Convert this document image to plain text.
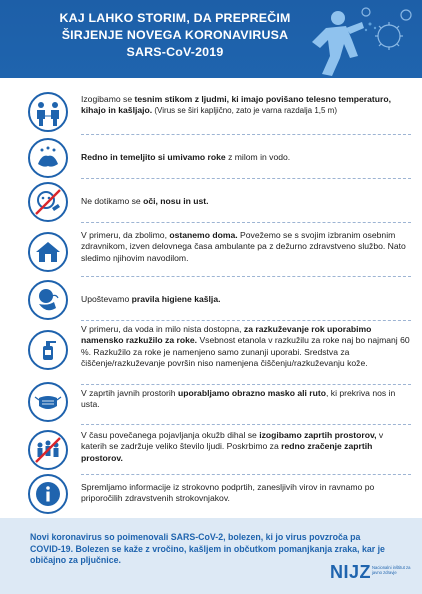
KAJ LAHKO STORIM, DA PREPREČIM
ŠIRJENJE NOVEGA KORONAVIRUSA
SARS-CoV-2019
Izogibamo se tesnim stikom z ljudmi, ki imajo povišano telesno temperaturo, kihajo in kašljajo. (Virus se širi kapljično, zato je varna razdalja 1,5 m)
Redno in temeljito si umivamo roke z milom in vodo.
Ne dotikamo se oči, nosu in ust.
V primeru, da zbolimo, ostanemo doma. Povežemo se s svojim izbranim osebnim zdravnikom, izven delovnega časa ambulante pa z dežurno zdravstveno službo. Nato sledimo njihovim navodilom.
Upoštevamo pravila higiene kašlja.
V primeru, da voda in milo nista dostopna, za razkuževanje rok uporabimo namensko razkužilo za roke. Vsebnost etanola v razkužilu za roke naj bo najmanj 60 %. Razkužilo za roke je namenjeno samo zunanji uporabi. Sredstva za čiščenje/razkuževanje površin niso namenjena čiščenju/razkuževanju kože.
V zaprtih javnih prostorih uporabljamo obrazno masko ali ruto, ki prekriva nos in usta.
V času povečanega pojavljanja okužb dihal se izogibamo zaprtih prostorov, v katerih se zadržuje veliko število ljudi. Poskrbimo za redno zračenje zaprtih prostorov.
Spremljamo informacije iz strokovno podprtih, zanesljivih virov in ravnamo po priporočilih zdravstvenih strokovnjakov.
Novi koronavirus so poimenovali SARS-CoV-2, bolezen, ki jo virus povzroča pa COVID-19. Bolezen se kaže z vročino, kašljem in občutkom pomanjkanja zraka, kar je običajno za pljučnice.
NIJZ Nacionalni inštitut za javno zdravje
